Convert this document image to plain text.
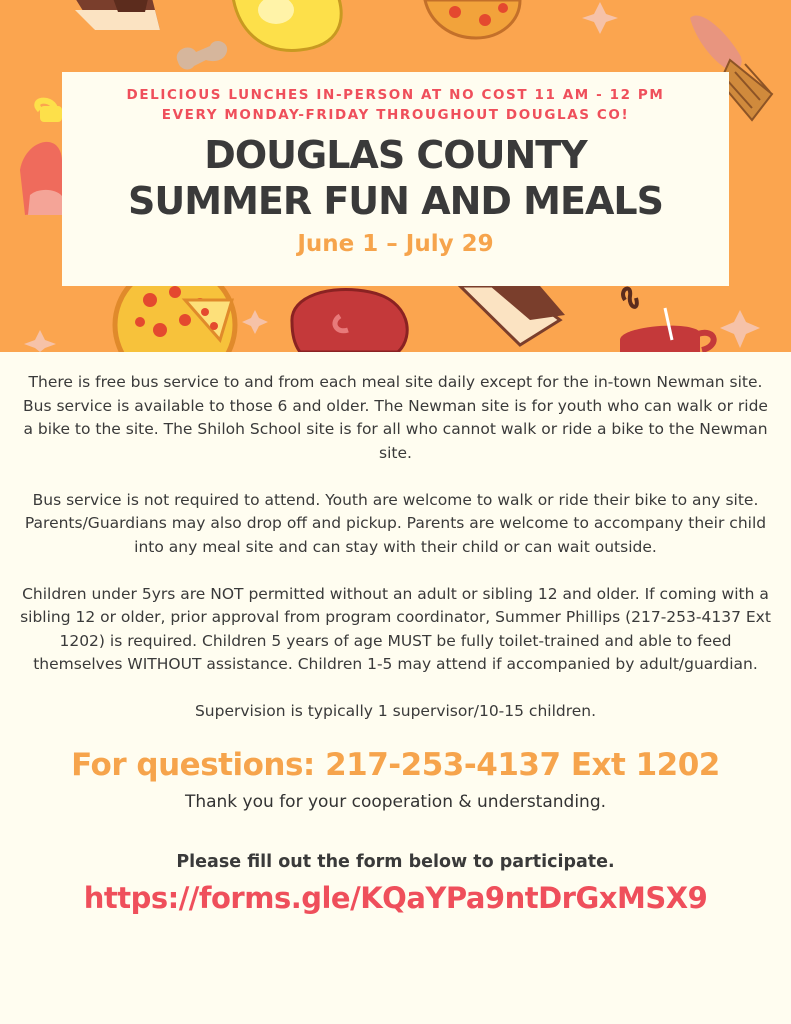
DELICIOUS LUNCHES IN-PERSON AT NO COST 11 AM - 12 PM
EVERY MONDAY-FRIDAY THROUGHOUT DOUGLAS CO!
DOUGLAS COUNTY
SUMMER FUN AND MEALS
June 1 – July 29

There is free bus service to and from each meal site daily except for the in-town Newman site. Bus service is available to those 6 and older. The Newman site is for youth who can walk or ride a bike to the site. The Shiloh School site is for all who cannot walk or ride a bike to the Newman site.

Bus service is not required to attend. Youth are welcome to walk or ride their bike to any site. Parents/Guardians may also drop off and pickup. Parents are welcome to accompany their child into any meal site and can stay with their child or can wait outside.

Children under 5yrs are NOT permitted without an adult or sibling 12 and older. If coming with a sibling 12 or older, prior approval from program coordinator, Summer Phillips (217-253-4137 Ext 1202) is required. Children 5 years of age MUST be fully toilet-trained and able to feed themselves WITHOUT assistance. Children 1-5 may attend if accompanied by adult/guardian.

Supervision is typically 1 supervisor/10-15 children.

For questions: 217-253-4137 Ext 1202
Thank you for your cooperation & understanding.
Please fill out the form below to participate.
https://forms.gle/KQaYPa9ntDrGxMSX9
